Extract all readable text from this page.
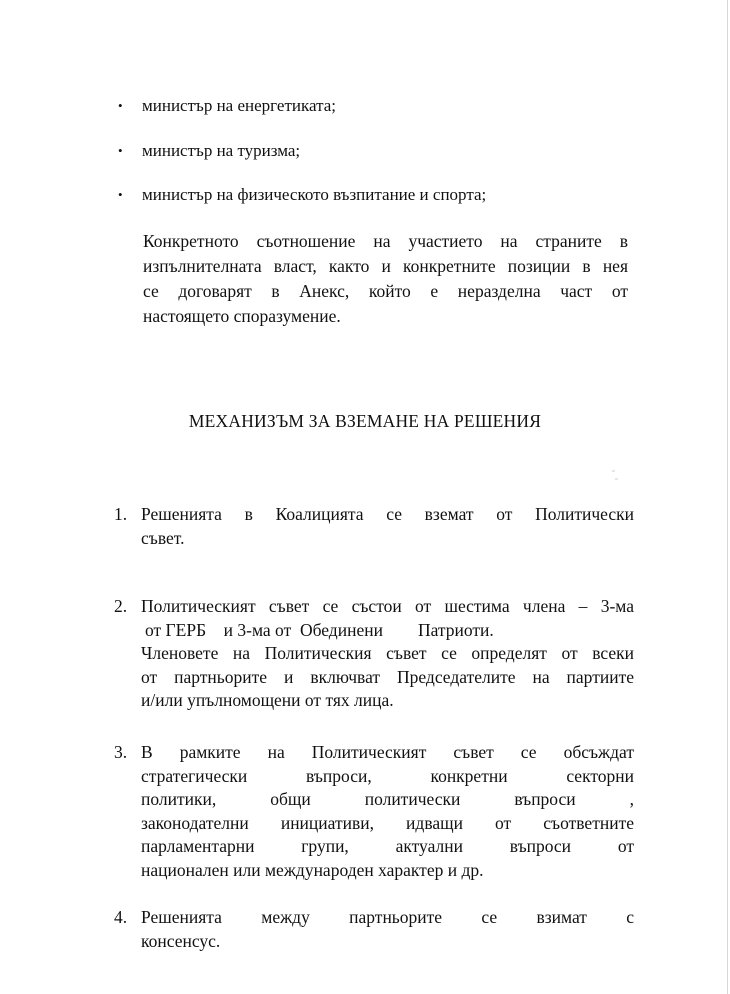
• министър на енергетиката;
• министър на туризма;
• министър на физическото възпитание и спорта;
Конкретното съотношение на участието на страните в
изпълнителната власт, както и конкретните позиции в нея
се договарят в Анекс, който е неразделна част от
настоящето споразумение.
МЕХАНИЗЪМ ЗА ВЗЕМАНЕ НА РЕШЕНИЯ
1. Решенията в Коалицията се вземат от Политически
съвет.
2. Политическият съвет се състои от шестима члена – 3-ма
от ГЕРБ    и 3-ма от  Обединени        Патриоти.
Членовете на Политическия съвет се определят от всеки
от партньорите и включват Председателите на партиите
и/или упълномощени от тях лица.
3. В рамките на Политическият съвет се обсъждат
стратегически въпроси, конкретни секторни
политики, общи политически въпроси ,
законодателни инициативи, идващи от съответните
парламентарни групи, актуални въпроси от
национален или международен характер и др.
4. Решенията между партньорите се взимат с
консенсус.
